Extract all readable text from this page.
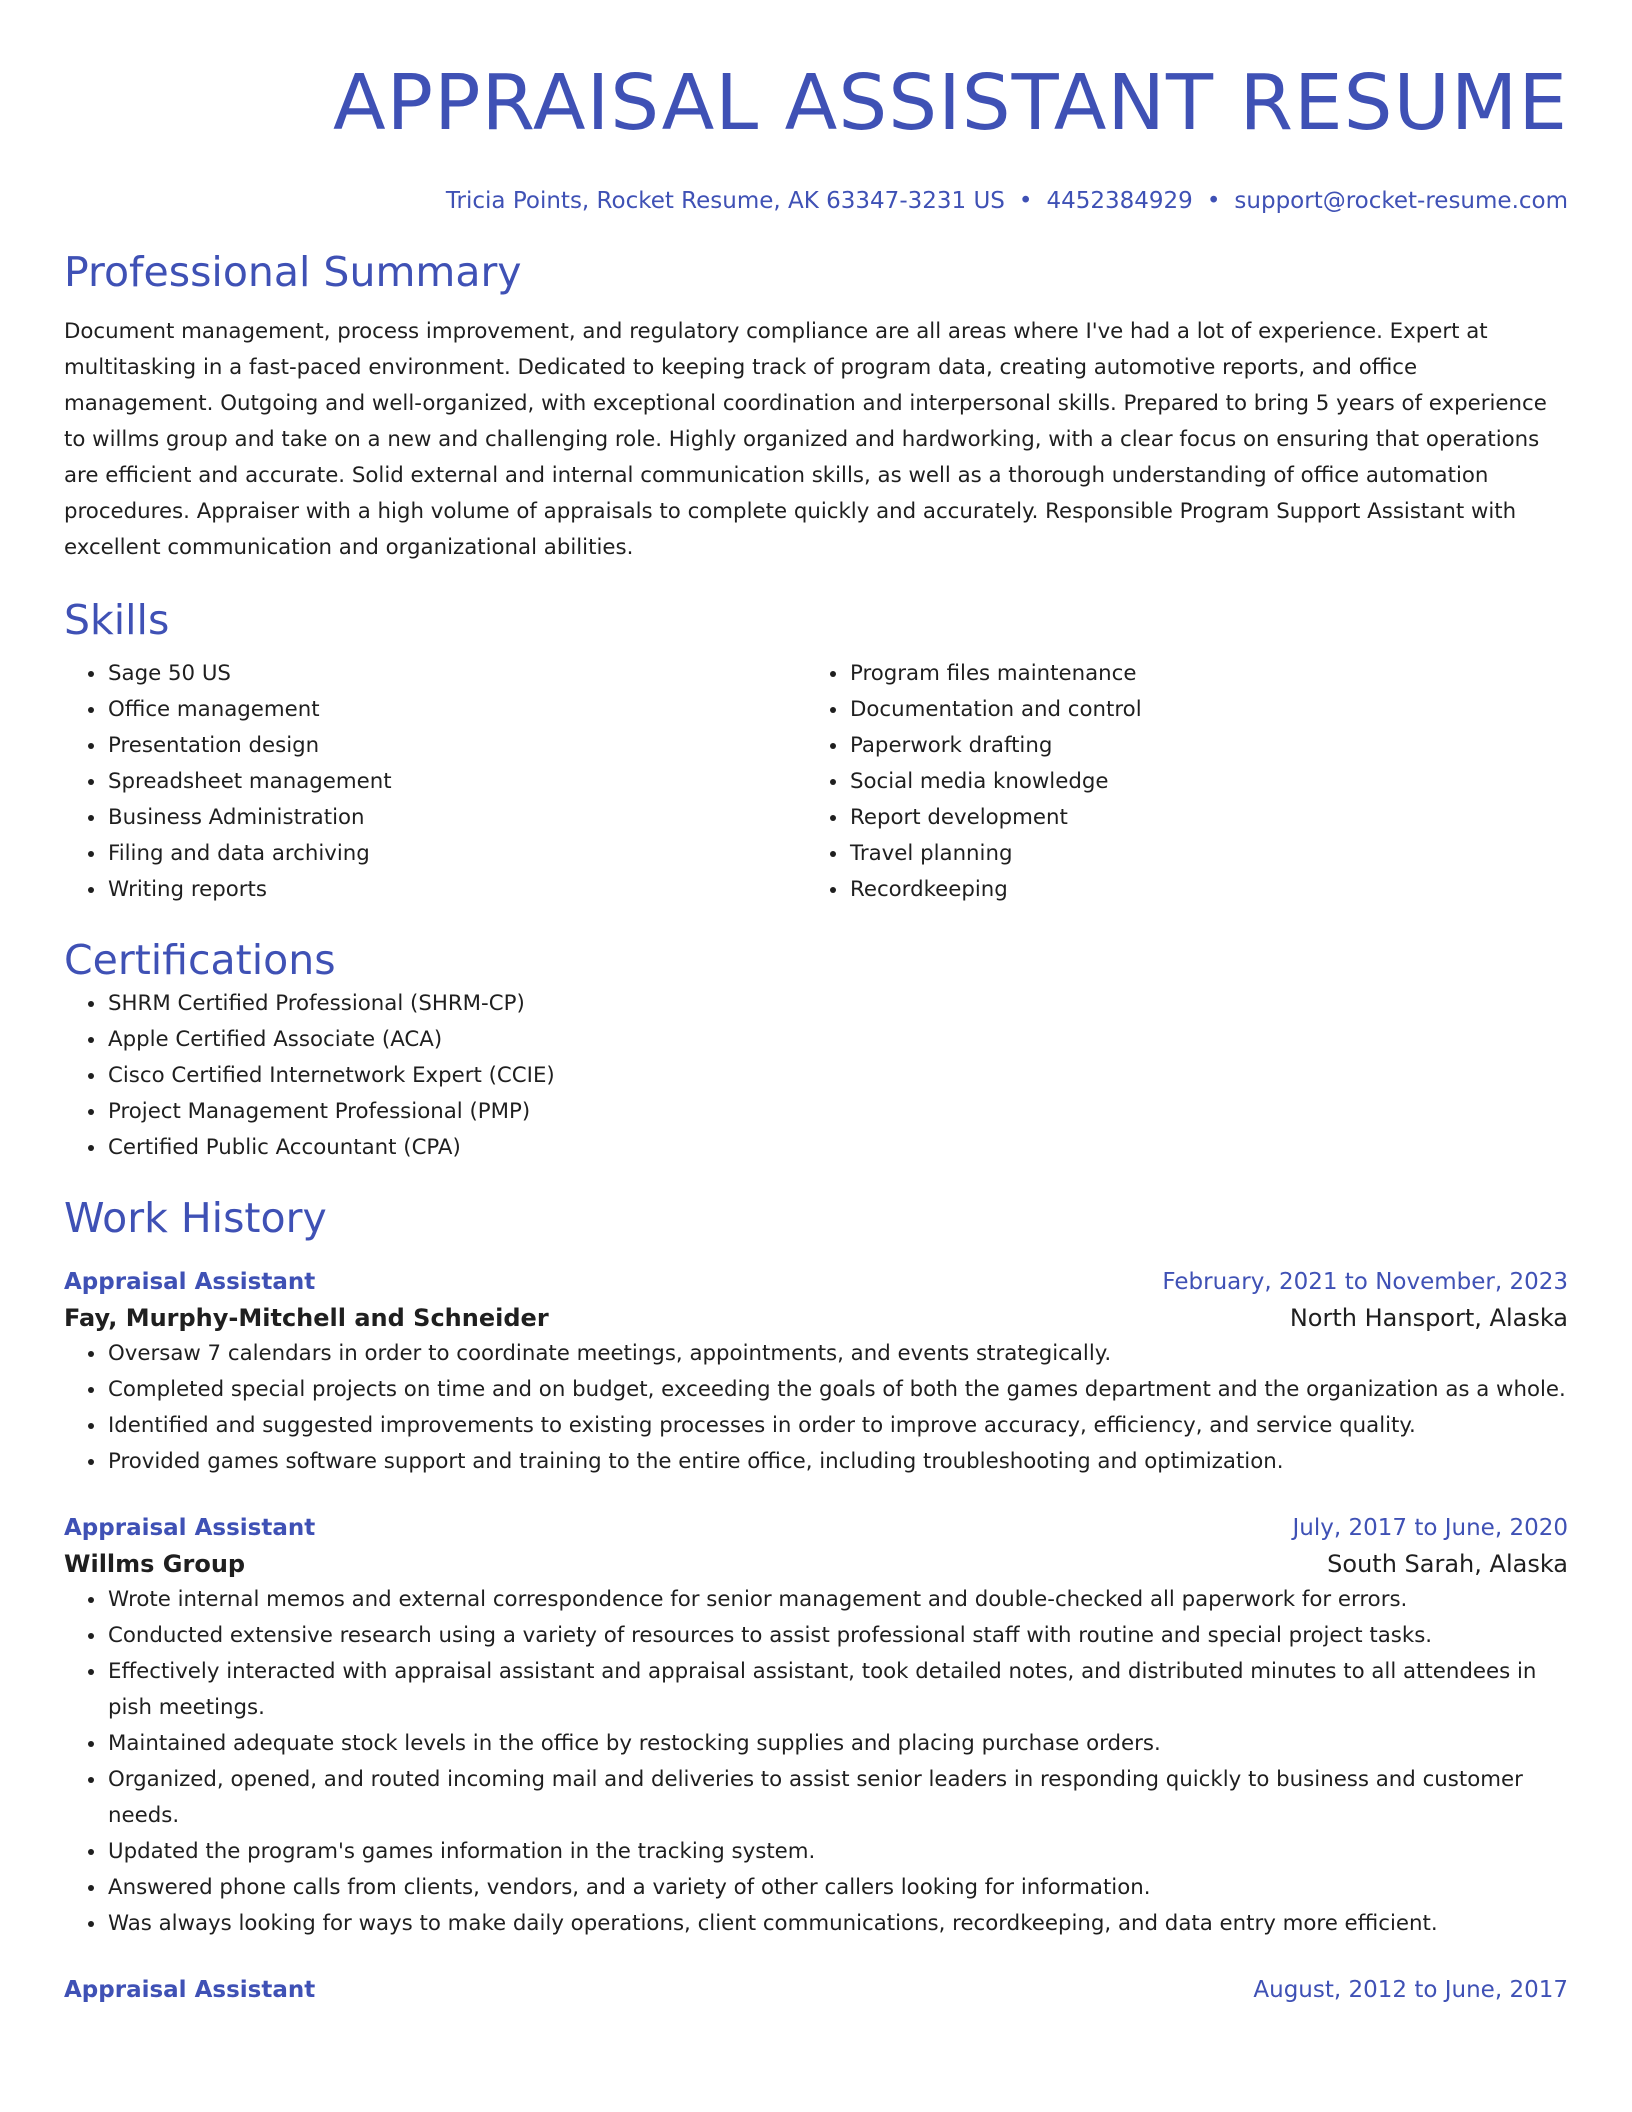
APPRAISAL ASSISTANT RESUME
Tricia Points, Rocket Resume, AK 63347-3231 US • 4452384929 • support@rocket-resume.com
Professional Summary
Document management, process improvement, and regulatory compliance are all areas where I've had a lot of experience. Expert at multitasking in a fast-paced environment. Dedicated to keeping track of program data, creating automotive reports, and office management. Outgoing and well-organized, with exceptional coordination and interpersonal skills. Prepared to bring 5 years of experience to willms group and take on a new and challenging role. Highly organized and hardworking, with a clear focus on ensuring that operations are efficient and accurate. Solid external and internal communication skills, as well as a thorough understanding of office automation procedures. Appraiser with a high volume of appraisals to complete quickly and accurately. Responsible Program Support Assistant with excellent communication and organizational abilities.
Skills
• Sage 50 US
• Office management
• Presentation design
• Spreadsheet management
• Business Administration
• Filing and data archiving
• Writing reports
• Program files maintenance
• Documentation and control
• Paperwork drafting
• Social media knowledge
• Report development
• Travel planning
• Recordkeeping
Certifications
• SHRM Certified Professional (SHRM-CP)
• Apple Certified Associate (ACA)
• Cisco Certified Internetwork Expert (CCIE)
• Project Management Professional (PMP)
• Certified Public Accountant (CPA)
Work History
Appraisal Assistant	February, 2021 to November, 2023
Fay, Murphy-Mitchell and Schneider	North Hansport, Alaska
• Oversaw 7 calendars in order to coordinate meetings, appointments, and events strategically.
• Completed special projects on time and on budget, exceeding the goals of both the games department and the organization as a whole.
• Identified and suggested improvements to existing processes in order to improve accuracy, efficiency, and service quality.
• Provided games software support and training to the entire office, including troubleshooting and optimization.
Appraisal Assistant	July, 2017 to June, 2020
Willms Group	South Sarah, Alaska
• Wrote internal memos and external correspondence for senior management and double-checked all paperwork for errors.
• Conducted extensive research using a variety of resources to assist professional staff with routine and special project tasks.
• Effectively interacted with appraisal assistant and appraisal assistant, took detailed notes, and distributed minutes to all attendees in pish meetings.
• Maintained adequate stock levels in the office by restocking supplies and placing purchase orders.
• Organized, opened, and routed incoming mail and deliveries to assist senior leaders in responding quickly to business and customer needs.
• Updated the program's games information in the tracking system.
• Answered phone calls from clients, vendors, and a variety of other callers looking for information.
• Was always looking for ways to make daily operations, client communications, recordkeeping, and data entry more efficient.
Appraisal Assistant	August, 2012 to June, 2017
